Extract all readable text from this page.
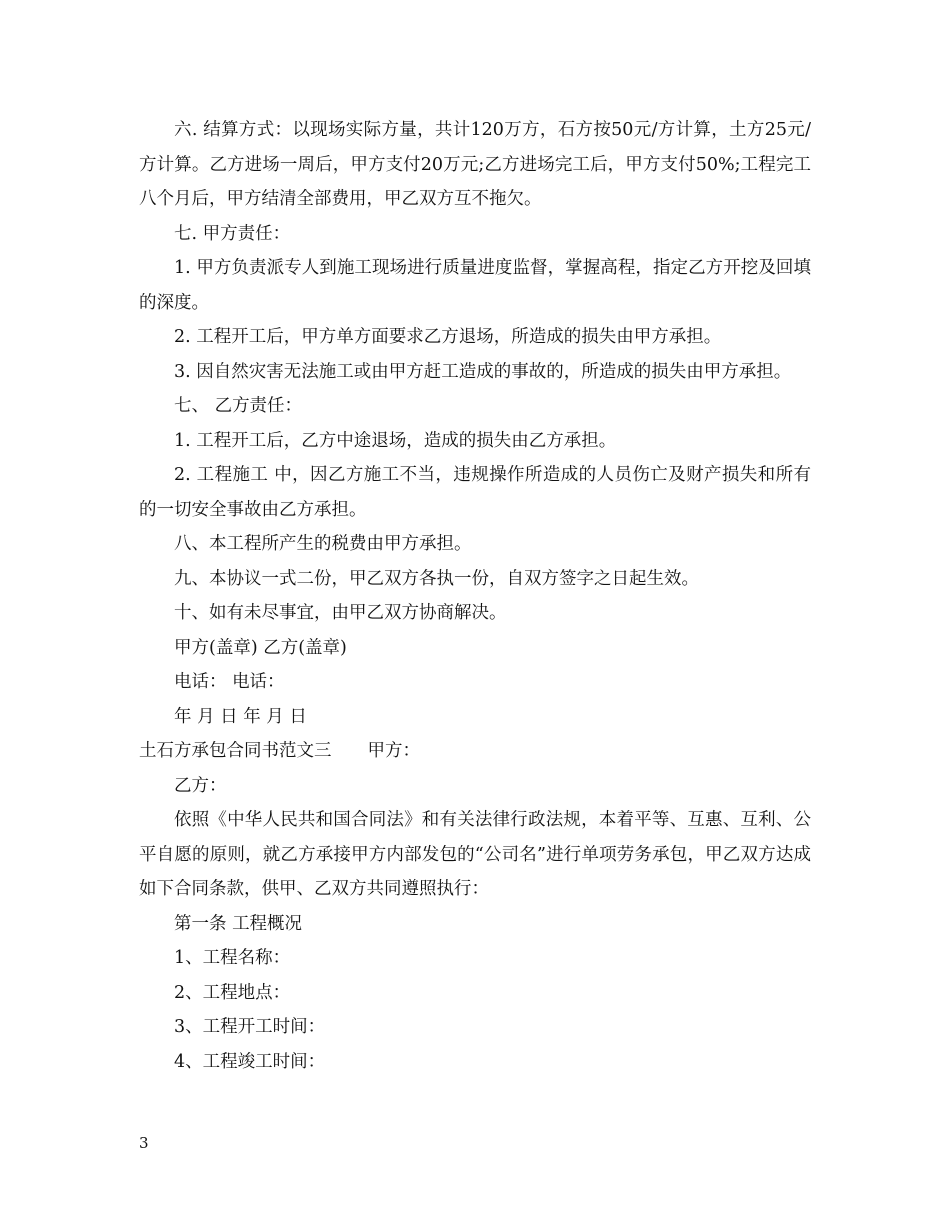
六. 结算方式：以现场实际方量，共计120万方，石方按50元/方计算，土方25元/方计算。乙方进场一周后，甲方支付20万元;乙方进场完工后，甲方支付50%;工程完工八个月后，甲方结清全部费用，甲乙双方互不拖欠。

七. 甲方责任：

1. 甲方负责派专人到施工现场进行质量进度监督，掌握高程，指定乙方开挖及回填的深度。

2. 工程开工后，甲方单方面要求乙方退场，所造成的损失由甲方承担。

3. 因自然灾害无法施工或由甲方赶工造成的事故的，所造成的损失由甲方承担。

七、 乙方责任：

1. 工程开工后，乙方中途退场，造成的损失由乙方承担。

2. 工程施工 中，因乙方施工不当，违规操作所造成的人员伤亡及财产损失和所有的一切安全事故由乙方承担。

八、本工程所产生的税费由甲方承担。

九、本协议一式二份，甲乙双方各执一份，自双方签字之日起生效。

十、如有未尽事宜，由甲乙双方协商解决。

甲方(盖章) 乙方(盖章)

电话： 电话：

年 月 日 年 月 日

土石方承包合同书范文三 甲方：

乙方：

依照《中华人民共和国合同法》和有关法律行政法规，本着平等、互惠、互利、公平自愿的原则，就乙方承接甲方内部发包的“公司名”进行单项劳务承包，甲乙双方达成如下合同条款，供甲、乙双方共同遵照执行：

第一条 工程概况

1、工程名称：

2、工程地点：

3、工程开工时间：

4、工程竣工时间：

3
